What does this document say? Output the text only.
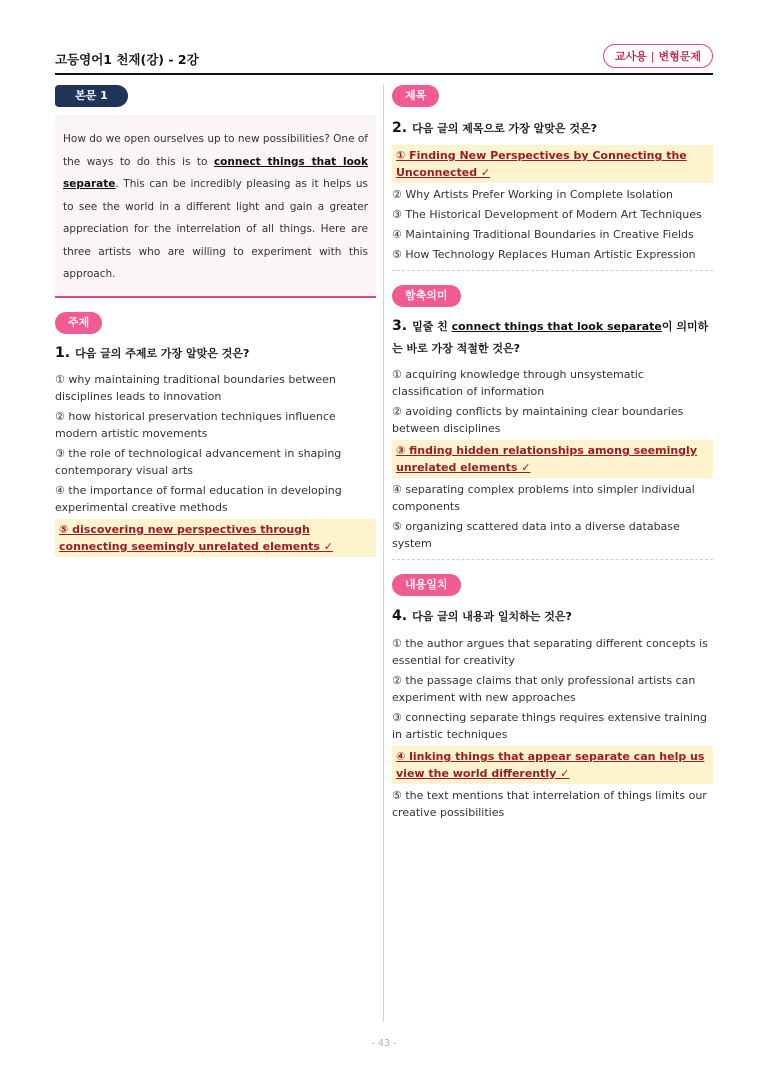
고등영어1 천재(강) - 2강	교사용 | 변형문제
본문 1

How do we open ourselves up to new possibilities? One of the ways to do this is to connect things that look separate. This can be incredibly pleasing as it helps us to see the world in a different light and gain a greater appreciation for the interrelation of all things. Here are three artists who are willing to experiment with this approach.

주제
1. 다음 글의 주제로 가장 알맞은 것은?
① why maintaining traditional boundaries between disciplines leads to innovation
② how historical preservation techniques influence modern artistic movements
③ the role of technological advancement in shaping contemporary visual arts
④ the importance of formal education in developing experimental creative methods
⑤ discovering new perspectives through connecting seemingly unrelated elements ✓
제목
2. 다음 글의 제목으로 가장 알맞은 것은?
① Finding New Perspectives by Connecting the Unconnected ✓
② Why Artists Prefer Working in Complete Isolation
③ The Historical Development of Modern Art Techniques
④ Maintaining Traditional Boundaries in Creative Fields
⑤ How Technology Replaces Human Artistic Expression
함축의미
3. 밑줄 친 connect things that look separate이 의미하는 바로 가장 적절한 것은?
① acquiring knowledge through unsystematic classification of information
② avoiding conflicts by maintaining clear boundaries between disciplines
③ finding hidden relationships among seemingly unrelated elements ✓
④ separating complex problems into simpler individual components
⑤ organizing scattered data into a diverse database system
내용일치
4. 다음 글의 내용과 일치하는 것은?
① the author argues that separating different concepts is essential for creativity
② the passage claims that only professional artists can experiment with new approaches
③ connecting separate things requires extensive training in artistic techniques
④ linking things that appear separate can help us view the world differently ✓
⑤ the text mentions that interrelation of things limits our creative possibilities
- 43 -
